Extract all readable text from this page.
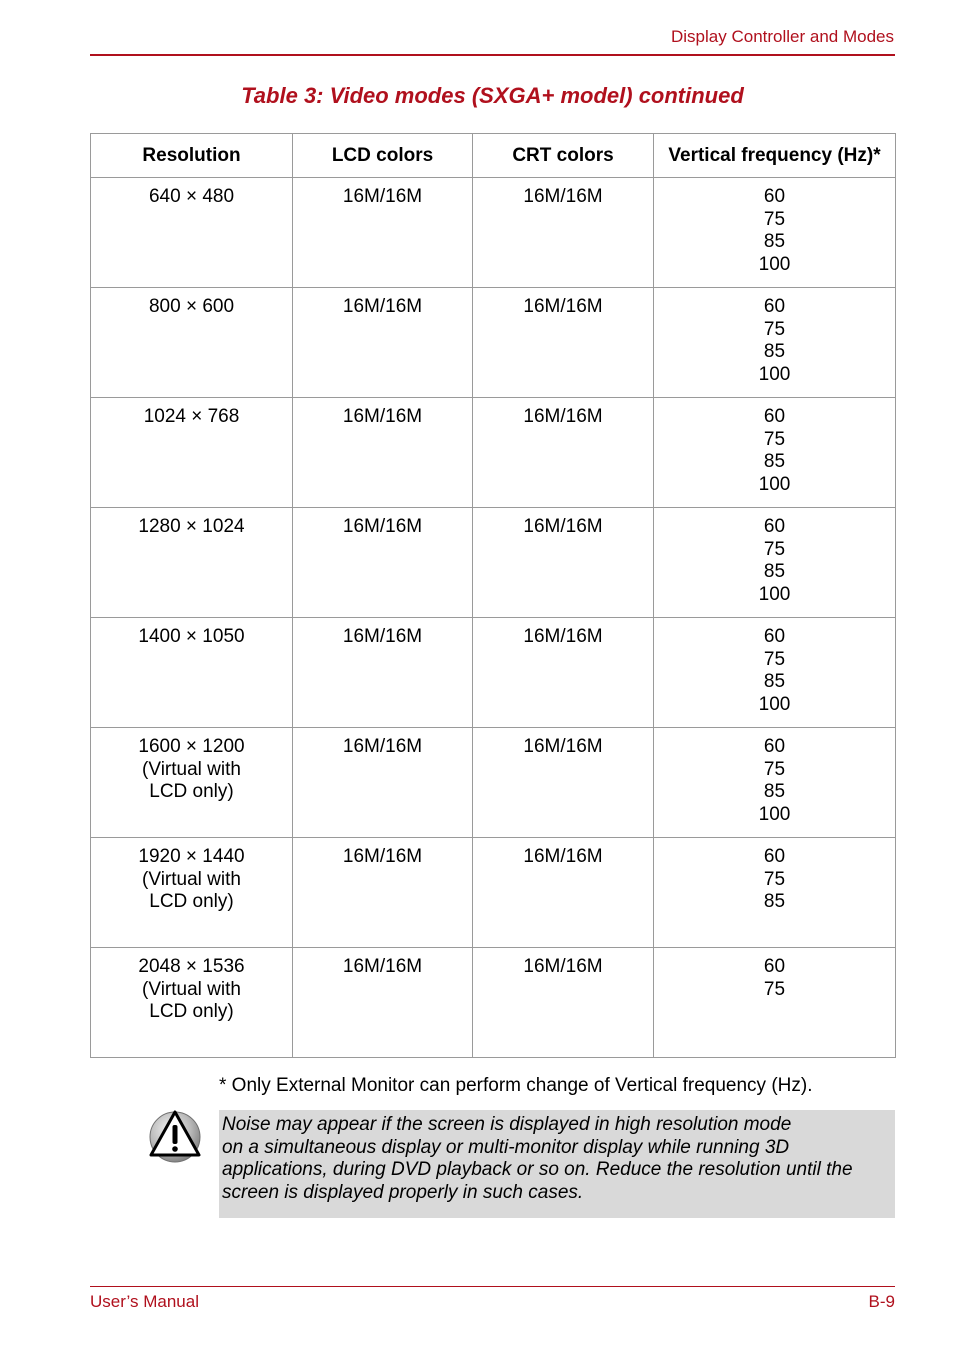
Display Controller and Modes
Table 3: Video modes (SXGA+ model) continued
Resolution	LCD colors	CRT colors	Vertical frequency (Hz)*

640 × 480	16M/16M	16M/16M	60
75
85
100

800 × 600	16M/16M	16M/16M	60
75
85
100

1024 × 768	16M/16M	16M/16M	60
75
85
100

1280 × 1024	16M/16M	16M/16M	60
75
85
100

1400 × 1050	16M/16M	16M/16M	60
75
85
100

1600 × 1200
(Virtual with
LCD only)	16M/16M	16M/16M	60
75
85
100

1920 × 1440
(Virtual with
LCD only)	16M/16M	16M/16M	60
75
85

2048 × 1536
(Virtual with
LCD only)	16M/16M	16M/16M	60
75
* Only External Monitor can perform change of Vertical frequency (Hz).
Noise may appear if the screen is displayed in high resolution mode
on a simultaneous display or multi-monitor display while running 3D
applications, during DVD playback or so on. Reduce the resolution until the
screen is displayed properly in such cases.
User’s Manual	B-9
